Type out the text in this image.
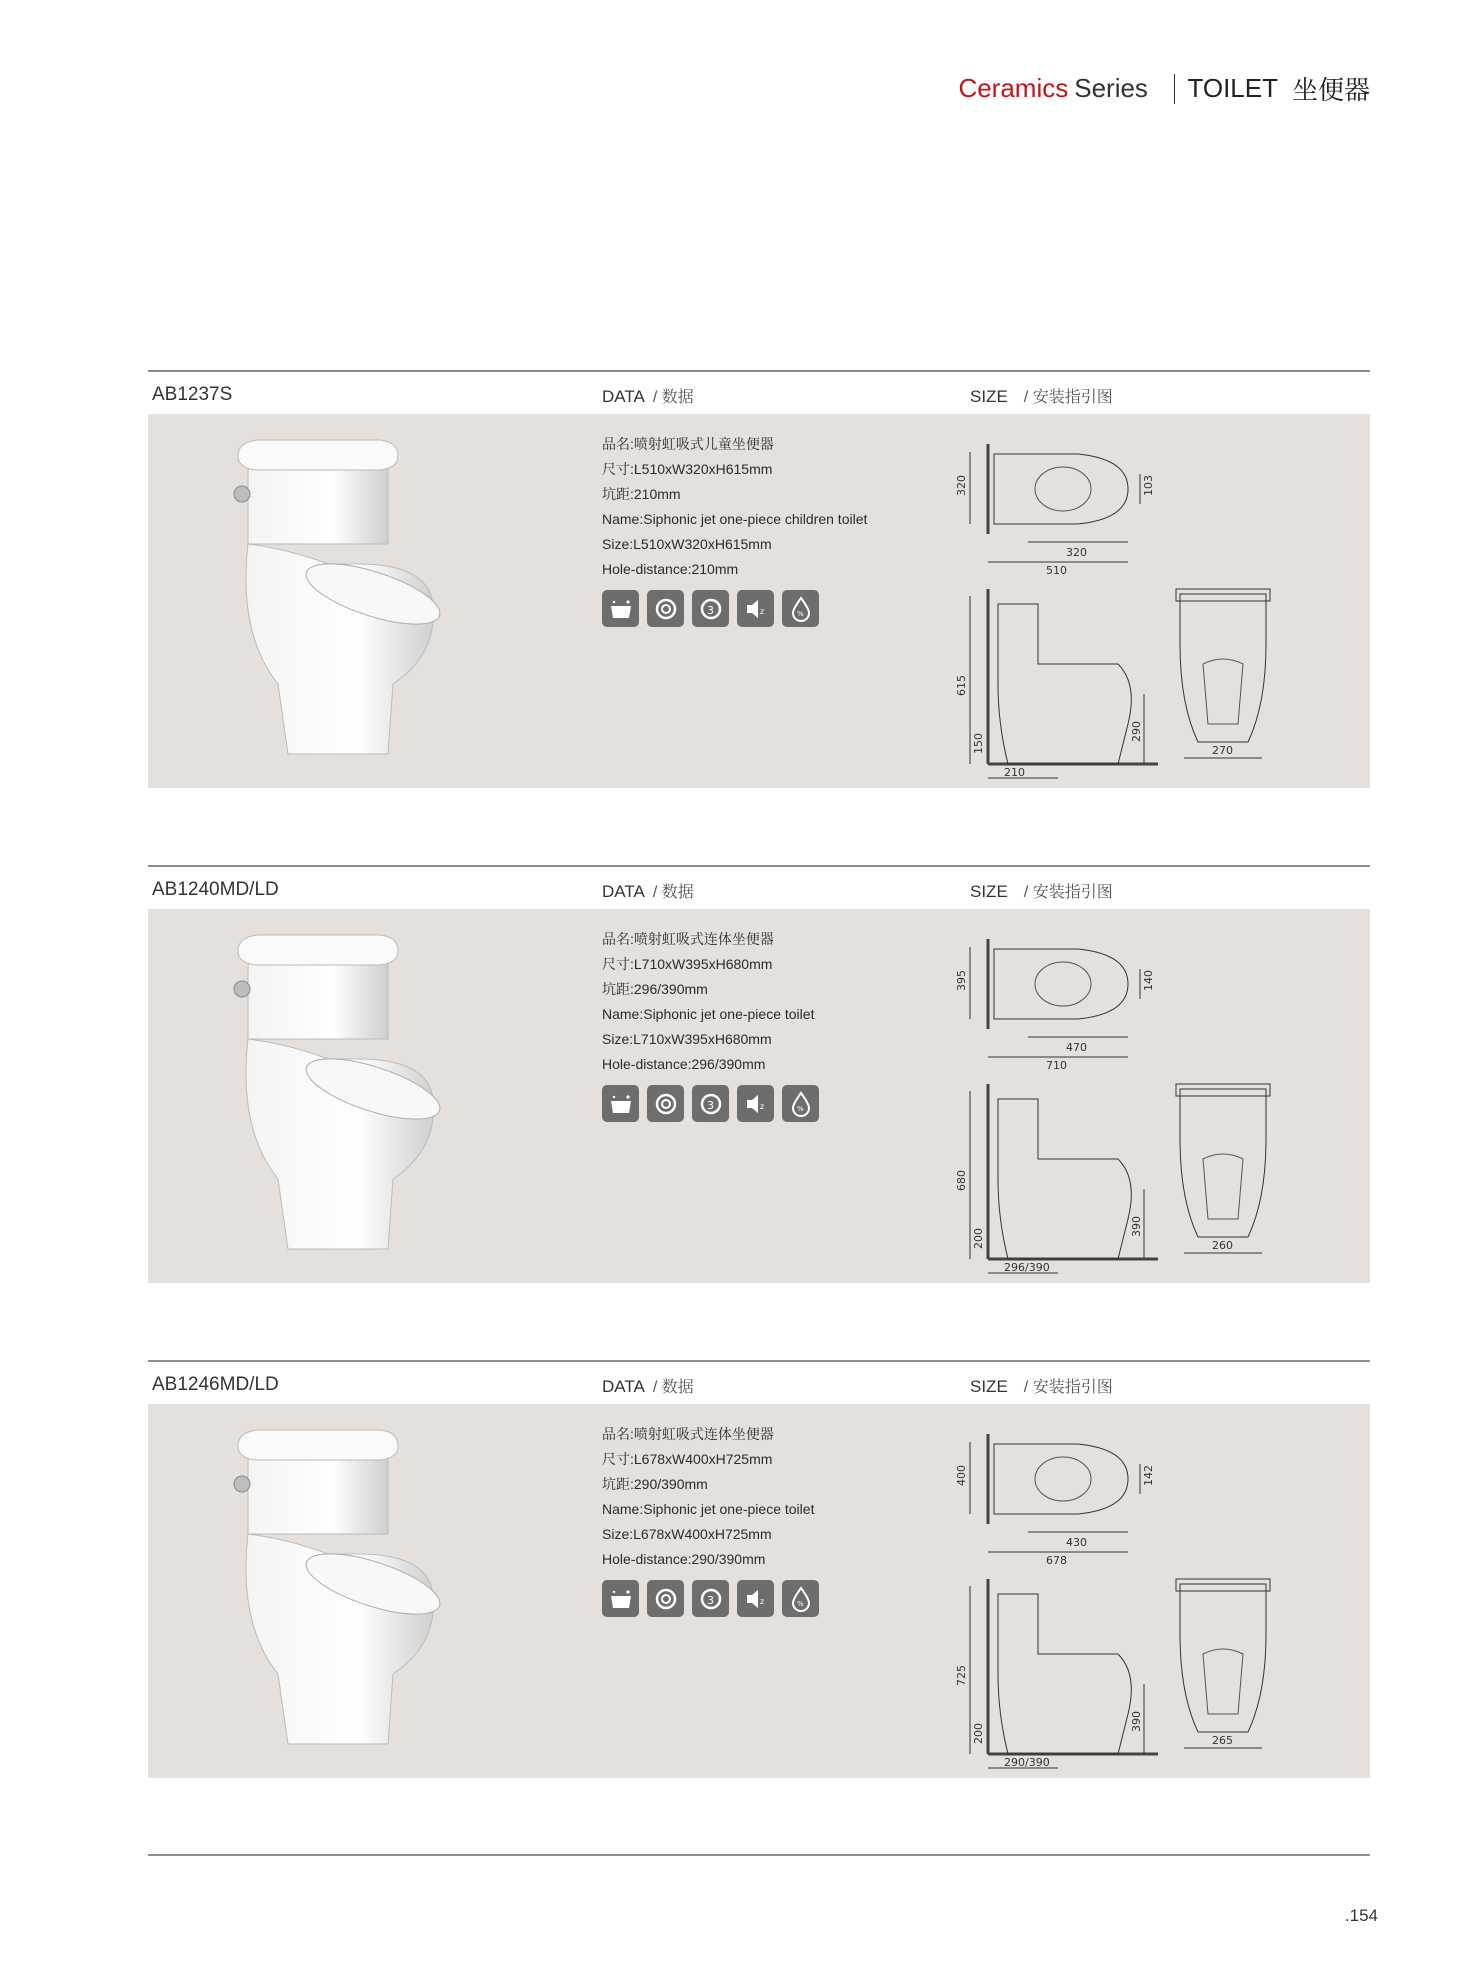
Ceramics Series TOILET 坐便器
AB1237S	DATA / 数据	SIZE / 安装指引图
品名:喷射虹吸式儿童坐便器
尺寸:L510xW320xH615mm
坑距:210mm
Name:Siphonic jet one-piece children toilet
Size:L510xW320xH615mm
Hole-distance:210mm
3	z	%
320	103
320
510
615
150
210
290
270
AB1240MD/LD	DATA / 数据	SIZE / 安装指引图
品名:喷射虹吸式连体坐便器
尺寸:L710xW395xH680mm
坑距:296/390mm
Name:Siphonic jet one-piece toilet
Size:L710xW395xH680mm
Hole-distance:296/390mm
3	z	%
395	140
470
710
680
200
296/390
390
260
AB1246MD/LD	DATA / 数据	SIZE / 安装指引图
品名:喷射虹吸式连体坐便器
尺寸:L678xW400xH725mm
坑距:290/390mm
Name:Siphonic jet one-piece toilet
Size:L678xW400xH725mm
Hole-distance:290/390mm
3	z	%
400	142
430
678
725
200
290/390
390
265
.154
